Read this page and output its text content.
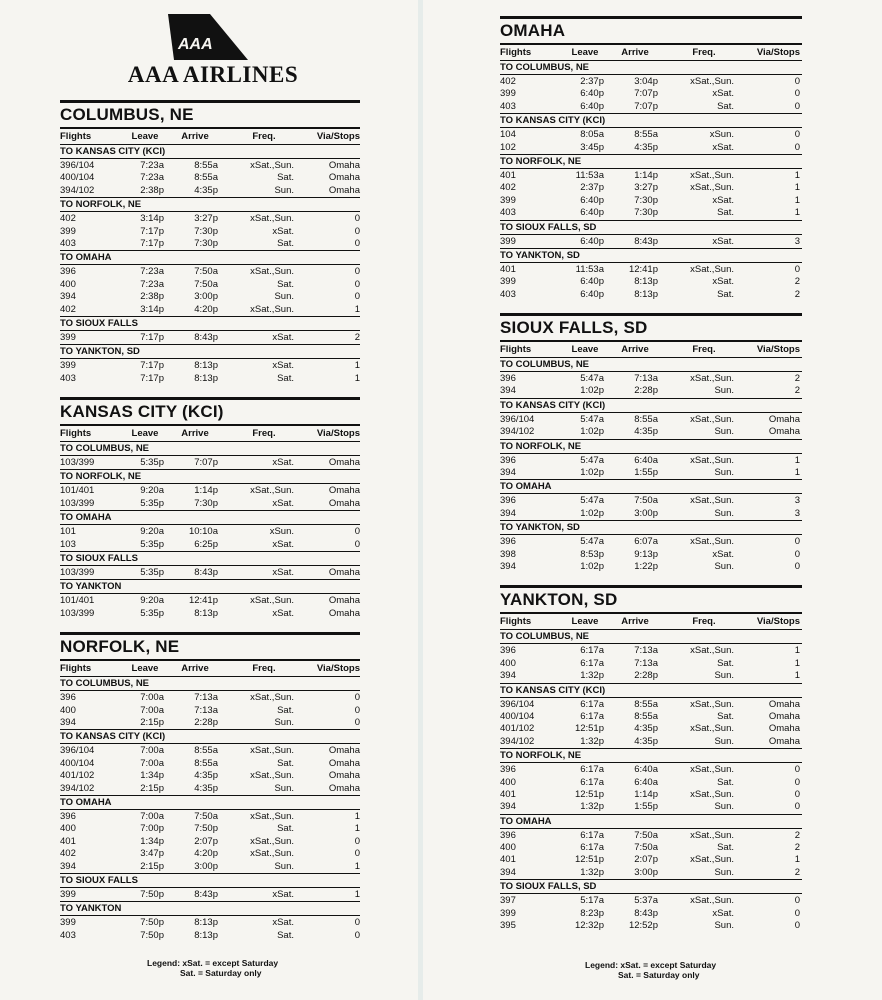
AAA
AAA AIRLINES
COLUMBUS, NE
Flights	Leave	Arrive	Freq.	Via/Stops
TO KANSAS CITY (KCI)
396/104	7:23a	8:55a	xSat.,Sun.	Omaha
400/104	7:23a	8:55a	Sat.	Omaha
394/102	2:38p	4:35p	Sun.	Omaha
TO NORFOLK, NE
402	3:14p	3:27p	xSat.,Sun.	0
399	7:17p	7:30p	xSat.	0
403	7:17p	7:30p	Sat.	0
TO OMAHA
396	7:23a	7:50a	xSat.,Sun.	0
400	7:23a	7:50a	Sat.	0
394	2:38p	3:00p	Sun.	0
402	3:14p	4:20p	xSat.,Sun.	1
TO SIOUX FALLS
399	7:17p	8:43p	xSat.	2
TO YANKTON, SD
399	7:17p	8:13p	xSat.	1
403	7:17p	8:13p	Sat.	1
KANSAS CITY (KCI)
Flights	Leave	Arrive	Freq.	Via/Stops
TO COLUMBUS, NE
103/399	5:35p	7:07p	xSat.	Omaha
TO NORFOLK, NE
101/401	9:20a	1:14p	xSat.,Sun.	Omaha
103/399	5:35p	7:30p	xSat.	Omaha
TO OMAHA
101	9:20a	10:10a	xSun.	0
103	5:35p	6:25p	xSat.	0
TO SIOUX FALLS
103/399	5:35p	8:43p	xSat.	Omaha
TO YANKTON
101/401	9:20a	12:41p	xSat.,Sun.	Omaha
103/399	5:35p	8:13p	xSat.	Omaha
NORFOLK, NE
Flights	Leave	Arrive	Freq.	Via/Stops
TO COLUMBUS, NE
396	7:00a	7:13a	xSat.,Sun.	0
400	7:00a	7:13a	Sat.	0
394	2:15p	2:28p	Sun.	0
TO KANSAS CITY (KCI)
396/104	7:00a	8:55a	xSat.,Sun.	Omaha
400/104	7:00a	8:55a	Sat.	Omaha
401/102	1:34p	4:35p	xSat.,Sun.	Omaha
394/102	2:15p	4:35p	Sun.	Omaha
TO OMAHA
396	7:00a	7:50a	xSat.,Sun.	1
400	7:00p	7:50p	Sat.	1
401	1:34p	2:07p	xSat.,Sun.	0
402	3:47p	4:20p	xSat.,Sun.	0
394	2:15p	3:00p	Sun.	1
TO SIOUX FALLS
399	7:50p	8:43p	xSat.	1
TO YANKTON
399	7:50p	8:13p	xSat.	0
403	7:50p	8:13p	Sat.	0
OMAHA
Flights	Leave	Arrive	Freq.	Via/Stops
TO COLUMBUS, NE
402	2:37p	3:04p	xSat.,Sun.	0
399	6:40p	7:07p	xSat.	0
403	6:40p	7:07p	Sat.	0
TO KANSAS CITY (KCI)
104	8:05a	8:55a	xSun.	0
102	3:45p	4:35p	xSat.	0
TO NORFOLK, NE
401	11:53a	1:14p	xSat.,Sun.	1
402	2:37p	3:27p	xSat.,Sun.	1
399	6:40p	7:30p	xSat.	1
403	6:40p	7:30p	Sat.	1
TO SIOUX FALLS, SD
399	6:40p	8:43p	xSat.	3
TO YANKTON, SD
401	11:53a	12:41p	xSat.,Sun.	0
399	6:40p	8:13p	xSat.	2
403	6:40p	8:13p	Sat.	2
SIOUX FALLS, SD
Flights	Leave	Arrive	Freq.	Via/Stops
TO COLUMBUS, NE
396	5:47a	7:13a	xSat.,Sun.	2
394	1:02p	2:28p	Sun.	2
TO KANSAS CITY (KCI)
396/104	5:47a	8:55a	xSat.,Sun.	Omaha
394/102	1:02p	4:35p	Sun.	Omaha
TO NORFOLK, NE
396	5:47a	6:40a	xSat.,Sun.	1
394	1:02p	1:55p	Sun.	1
TO OMAHA
396	5:47a	7:50a	xSat.,Sun.	3
394	1:02p	3:00p	Sun.	3
TO YANKTON, SD
396	5:47a	6:07a	xSat.,Sun.	0
398	8:53p	9:13p	xSat.	0
394	1:02p	1:22p	Sun.	0
YANKTON, SD
Flights	Leave	Arrive	Freq.	Via/Stops
TO COLUMBUS, NE
396	6:17a	7:13a	xSat.,Sun.	1
400	6:17a	7:13a	Sat.	1
394	1:32p	2:28p	Sun.	1
TO KANSAS CITY (KCI)
396/104	6:17a	8:55a	xSat.,Sun.	Omaha
400/104	6:17a	8:55a	Sat.	Omaha
401/102	12:51p	4:35p	xSat.,Sun.	Omaha
394/102	1:32p	4:35p	Sun.	Omaha
TO NORFOLK, NE
396	6:17a	6:40a	xSat.,Sun.	0
400	6:17a	6:40a	Sat.	0
401	12:51p	1:14p	xSat.,Sun.	0
394	1:32p	1:55p	Sun.	0
TO OMAHA
396	6:17a	7:50a	xSat.,Sun.	2
400	6:17a	7:50a	Sat.	2
401	12:51p	2:07p	xSat.,Sun.	1
394	1:32p	3:00p	Sun.	2
TO SIOUX FALLS, SD
397	5:17a	5:37a	xSat.,Sun.	0
399	8:23p	8:43p	xSat.	0
395	12:32p	12:52p	Sun.	0
Legend: xSat. = except Saturday
Sat. = Saturday only
Legend: xSat. = except Saturday
Sat. = Saturday only
